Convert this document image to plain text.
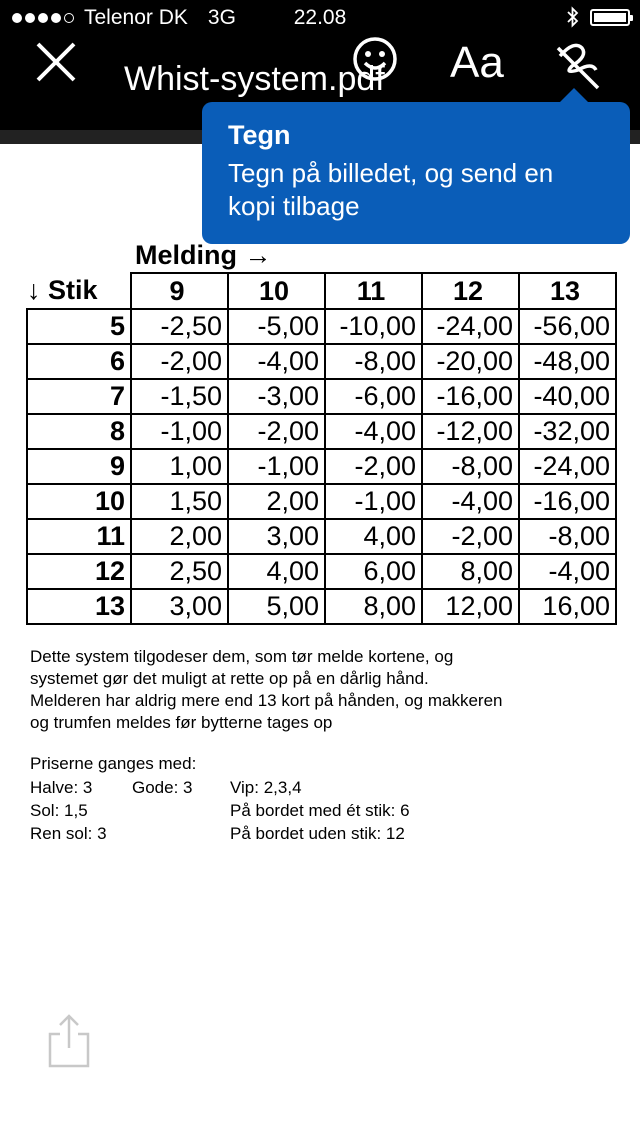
Telenor DK 3G	22.08
Whist-system.pdf Aa
Tegn
Tegn på billedet, og send en kopi tilbage
Melding →
↓ Stik	9	10	11	12	13
5	-2,50	-5,00	-10,00	-24,00	-56,00
6	-2,00	-4,00	-8,00	-20,00	-48,00
7	-1,50	-3,00	-6,00	-16,00	-40,00
8	-1,00	-2,00	-4,00	-12,00	-32,00
9	1,00	-1,00	-2,00	-8,00	-24,00
10	1,50	2,00	-1,00	-4,00	-16,00
11	2,00	3,00	4,00	-2,00	-8,00
12	2,50	4,00	6,00	8,00	-4,00
13	3,00	5,00	8,00	12,00	16,00
Dette system tilgodeser dem, som tør melde kortene, og
systemet gør det muligt at rette op på en dårlig hånd.
Melderen har aldrig mere end 13 kort på hånden, og makkeren
og trumfen meldes før bytterne tages op
Priserne ganges med:
Halve: 3 Gode: 3 Vip: 2,3,4
Sol: 1,5	På bordet med ét stik: 6
Ren sol: 3	På bordet uden stik: 12
